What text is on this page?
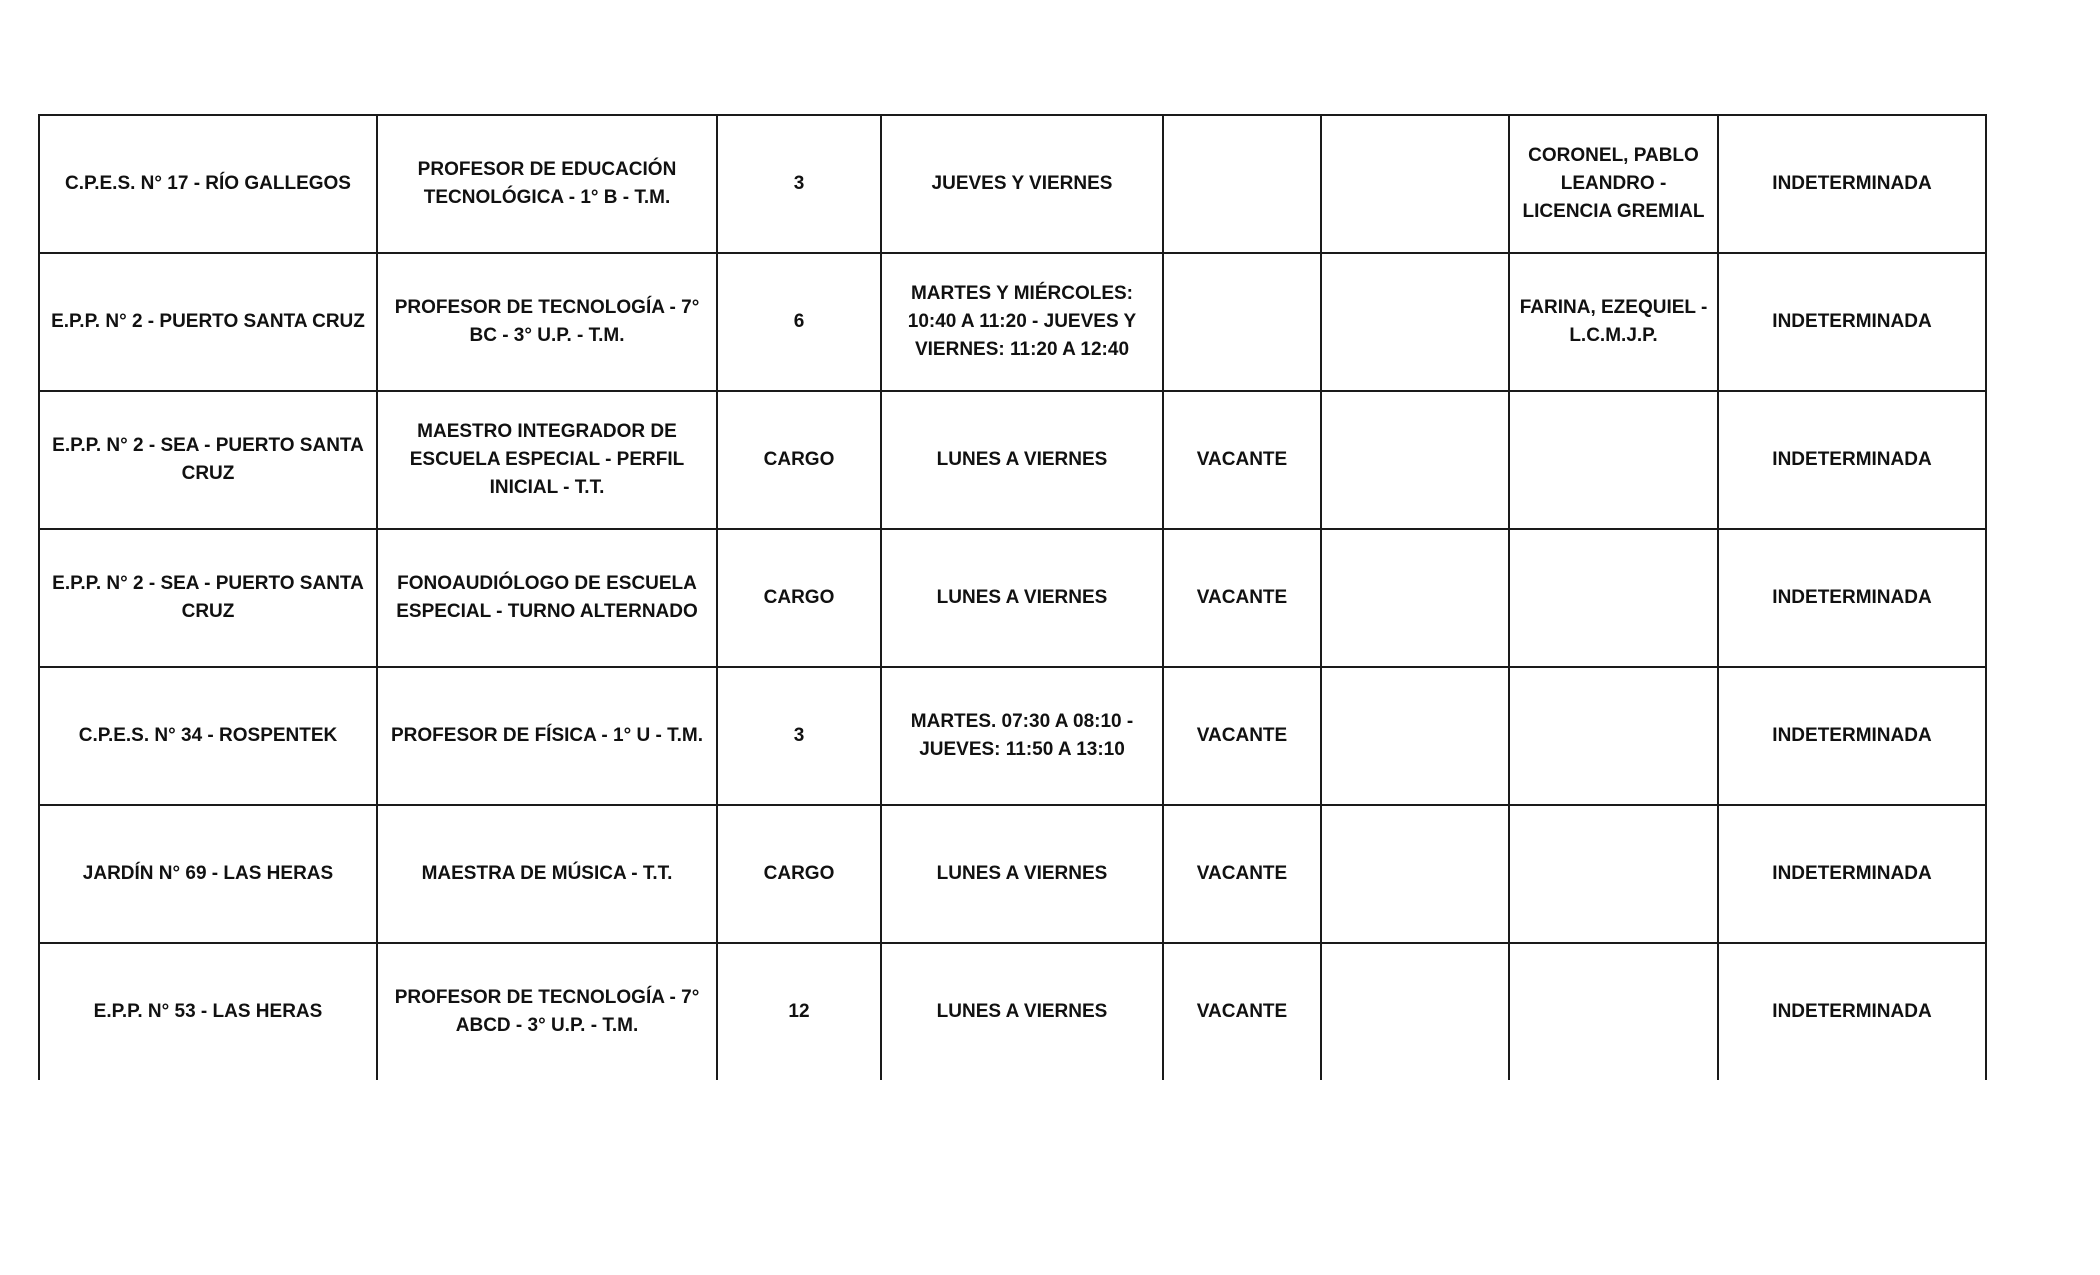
C.P.E.S. N° 17 - RÍO GALLEGOS	PROFESOR DE EDUCACIÓN TECNOLÓGICA - 1° B - T.M.	3	JUEVES Y VIERNES			CORONEL, PABLO LEANDRO - LICENCIA GREMIAL	INDETERMINADA
E.P.P. N° 2 - PUERTO SANTA CRUZ	PROFESOR DE TECNOLOGÍA - 7° BC - 3° U.P. - T.M.	6	MARTES Y MIÉRCOLES: 10:40 A 11:20 - JUEVES Y VIERNES: 11:20 A 12:40			FARINA, EZEQUIEL - L.C.M.J.P.	INDETERMINADA
E.P.P. N° 2 - SEA - PUERTO SANTA CRUZ	MAESTRO INTEGRADOR DE ESCUELA ESPECIAL - PERFIL INICIAL - T.T.	CARGO	LUNES A VIERNES	VACANTE			INDETERMINADA
E.P.P. N° 2 - SEA - PUERTO SANTA CRUZ	FONOAUDIÓLOGO DE ESCUELA ESPECIAL - TURNO ALTERNADO	CARGO	LUNES A VIERNES	VACANTE			INDETERMINADA
C.P.E.S. N° 34 - ROSPENTEK	PROFESOR DE FÍSICA - 1° U - T.M.	3	MARTES. 07:30 A 08:10 - JUEVES: 11:50 A 13:10	VACANTE			INDETERMINADA
JARDÍN N° 69 - LAS HERAS	MAESTRA DE MÚSICA - T.T.	CARGO	LUNES A VIERNES	VACANTE			INDETERMINADA
E.P.P. N° 53 - LAS HERAS	PROFESOR DE TECNOLOGÍA - 7° ABCD - 3° U.P. - T.M.	12	LUNES A VIERNES	VACANTE			INDETERMINADA
